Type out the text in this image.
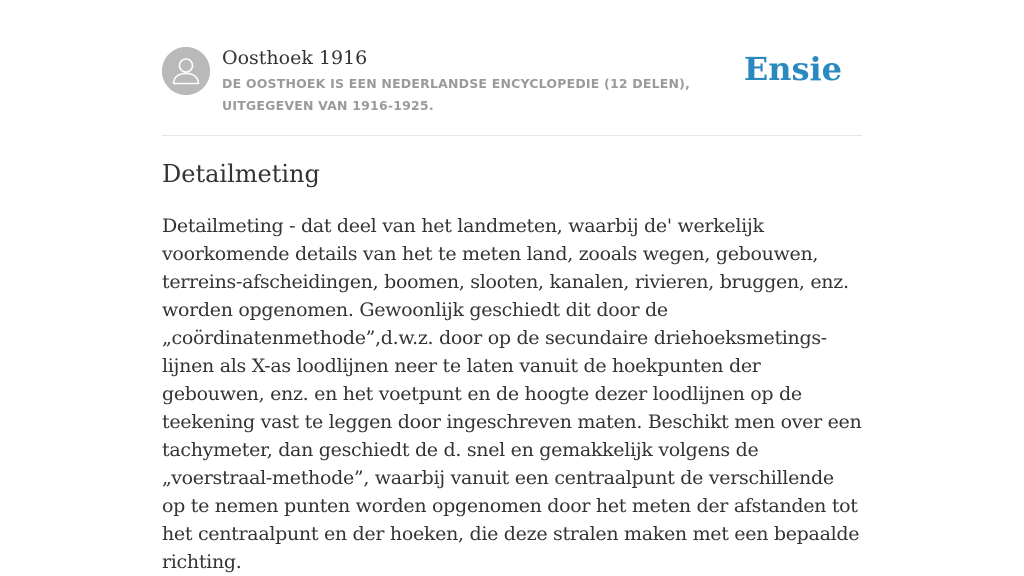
Oosthoek 1916
DE OOSTHOEK IS EEN NEDERLANDSE ENCYCLOPEDIE (12 DELEN), UITGEGEVEN VAN 1916-1925.
Ensie
Detailmeting

Detailmeting - dat deel van het landmeten, waarbij de' werkelijk voorkomende details van het te meten land, zooals wegen, gebouwen, terreins-afscheidingen, boomen, slooten, kanalen, rivieren, bruggen, enz. worden opgenomen. Gewoonlijk geschiedt dit door de „coördinatenmethode”,d.w.z. door op de secundaire driehoeksmetings-lijnen als X-as loodlijnen neer te laten vanuit de hoekpunten der gebouwen, enz. en het voetpunt en de hoogte dezer loodlijnen op de teekening vast te leggen door ingeschreven maten. Beschikt men over een tachymeter, dan geschiedt de d. snel en gemakkelijk volgens de „voerstraal-methode”, waarbij vanuit een centraalpunt de verschillende op te nemen punten worden opgenomen door het meten der afstanden tot het centraalpunt en der hoeken, die deze stralen maken met een bepaalde richting.
